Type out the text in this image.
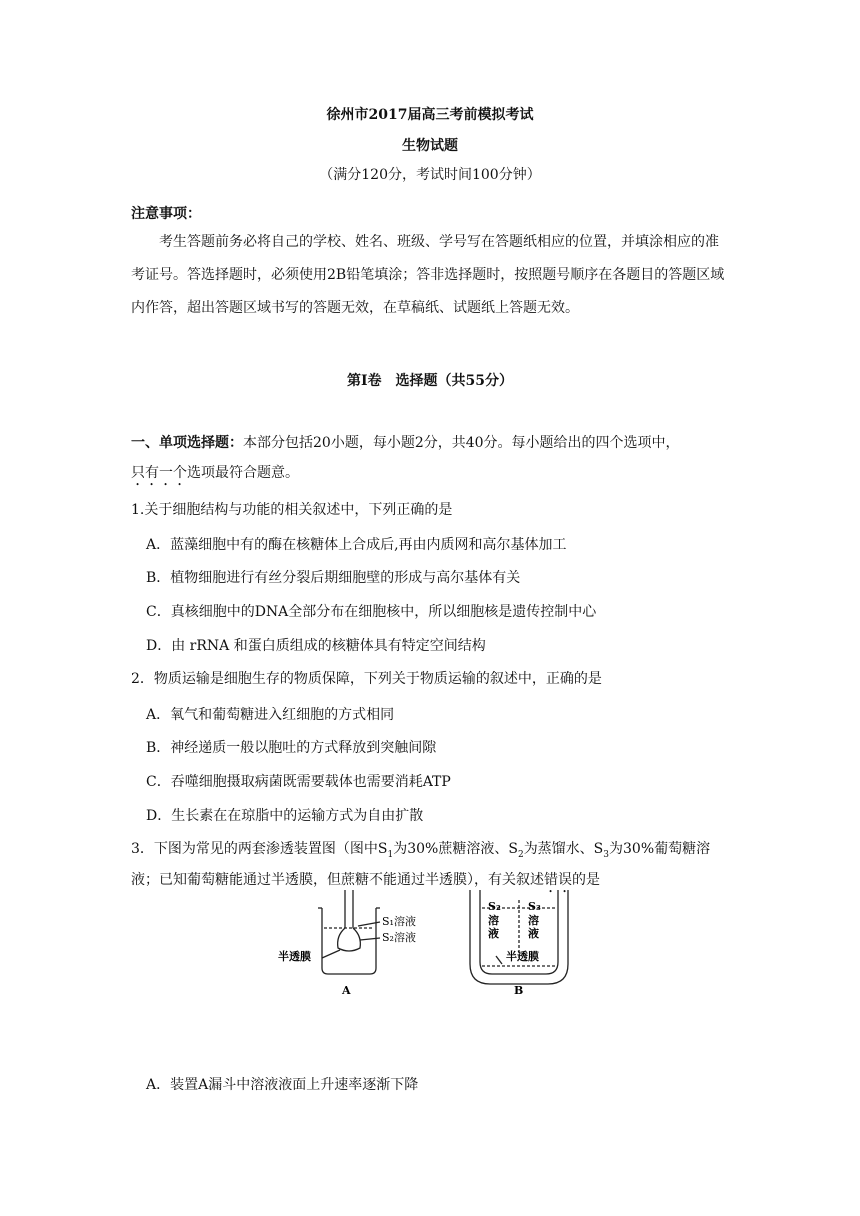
徐州市2017届高三考前模拟考试
生物试题
（满分120分，考试时间100分钟）
注意事项：
考生答题前务必将自己的学校、姓名、班级、学号写在答题纸相应的位置，并填涂相应的准考证号。答选择题时，必须使用2B铅笔填涂；答非选择题时，按照题号顺序在各题目的答题区域内作答，超出答题区域书写的答题无效，在草稿纸、试题纸上答题无效。
第Ⅰ卷　选择题（共55分）
一、单项选择题：本部分包括20小题，每小题2分，共40分。每小题给出的四个选项中，
只有一个选项最符合题意。
1.关于细胞结构与功能的相关叙述中，下列正确的是
A．蓝藻细胞中有的酶在核糖体上合成后,再由内质网和高尔基体加工
B．植物细胞进行有丝分裂后期细胞壁的形成与高尔基体有关
C．真核细胞中的DNA全部分布在细胞核中，所以细胞核是遗传控制中心
D．由 rRNA 和蛋白质组成的核糖体具有特定空间结构
2．物质运输是细胞生存的物质保障，下列关于物质运输的叙述中，正确的是
A．氧气和葡萄糖进入红细胞的方式相同
B．神经递质一般以胞吐的方式释放到突触间隙
C．吞噬细胞摄取病菌既需要载体也需要消耗ATP
D．生长素在在琼脂中的运输方式为自由扩散
3．下图为常见的两套渗透装置图（图中$S_1$为30%蔗糖溶液、$S_2$为蒸馏水、$S_3$为30%葡萄糖溶
液；已知葡萄糖能通过半透膜，但蔗糖不能通过半透膜），有关叙述错误的是
S₁溶液
S₂溶液
半透膜
A
S₂
溶
液
S₃
溶
液
半透膜
B
A．装置A漏斗中溶液液面上升速率逐渐下降
